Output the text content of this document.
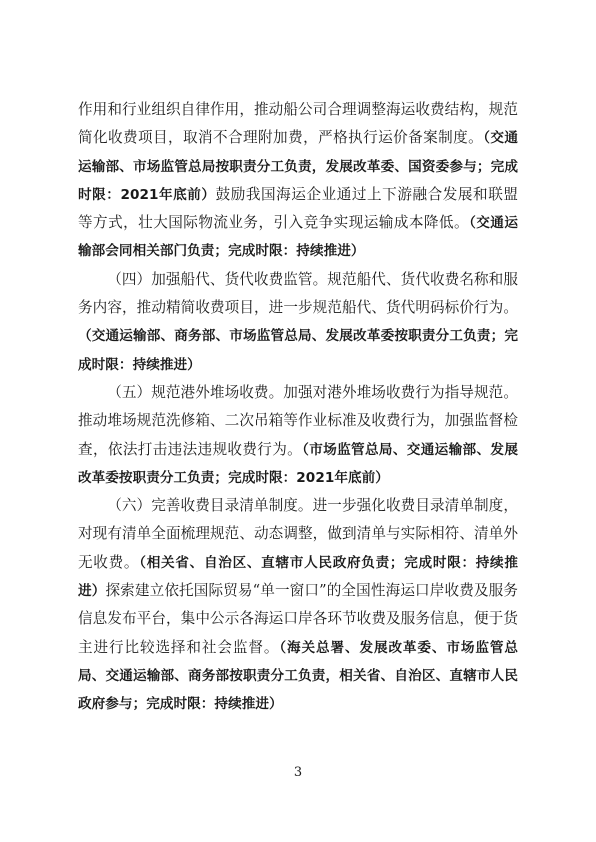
作用和行业组织自律作用，推动船公司合理调整海运收费结构，规范简化收费项目，取消不合理附加费，严格执行运价备案制度。（交通运输部、市场监管总局按职责分工负责，发展改革委、国资委参与；完成时限：2021年底前）鼓励我国海运企业通过上下游融合发展和联盟等方式，壮大国际物流业务，引入竞争实现运输成本降低。（交通运输部会同相关部门负责；完成时限：持续推进）

（四）加强船代、货代收费监管。规范船代、货代收费名称和服务内容，推动精简收费项目，进一步规范船代、货代明码标价行为。（交通运输部、商务部、市场监管总局、发展改革委按职责分工负责；完成时限：持续推进）

（五）规范港外堆场收费。加强对港外堆场收费行为指导规范。推动堆场规范洗修箱、二次吊箱等作业标准及收费行为，加强监督检查，依法打击违法违规收费行为。（市场监管总局、交通运输部、发展改革委按职责分工负责；完成时限：2021年底前）

（六）完善收费目录清单制度。进一步强化收费目录清单制度，对现有清单全面梳理规范、动态调整，做到清单与实际相符、清单外无收费。（相关省、自治区、直辖市人民政府负责；完成时限：持续推进）探索建立依托国际贸易“单一窗口”的全国性海运口岸收费及服务信息发布平台，集中公示各海运口岸各环节收费及服务信息，便于货主进行比较选择和社会监督。（海关总署、发展改革委、市场监管总局、交通运输部、商务部按职责分工负责，相关省、自治区、直辖市人民政府参与；完成时限：持续推进）

3
